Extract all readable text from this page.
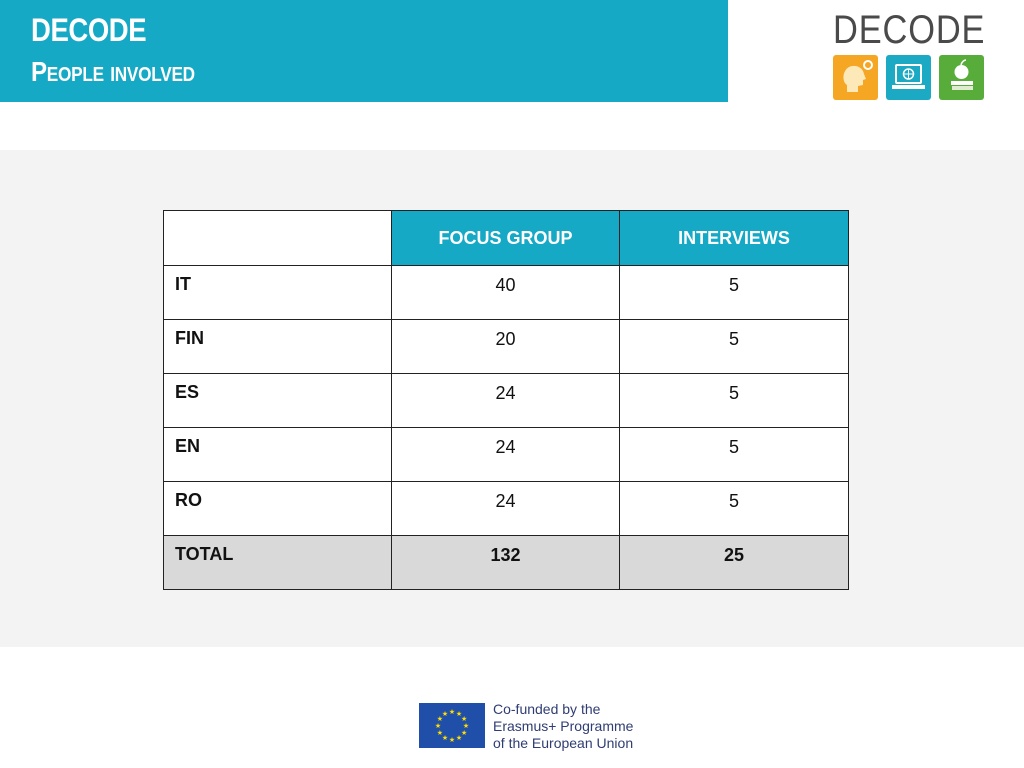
DECODE
People involved
DECODE
	FOCUS GROUP	INTERVIEWS
IT	40	5
FIN	20	5
ES	24	5
EN	24	5
RO	24	5
TOTAL	132	25
★ ★
★
★
★
★
★
★
★
★
★
★	Co-funded by the
Erasmus+ Programme
of the European Union
